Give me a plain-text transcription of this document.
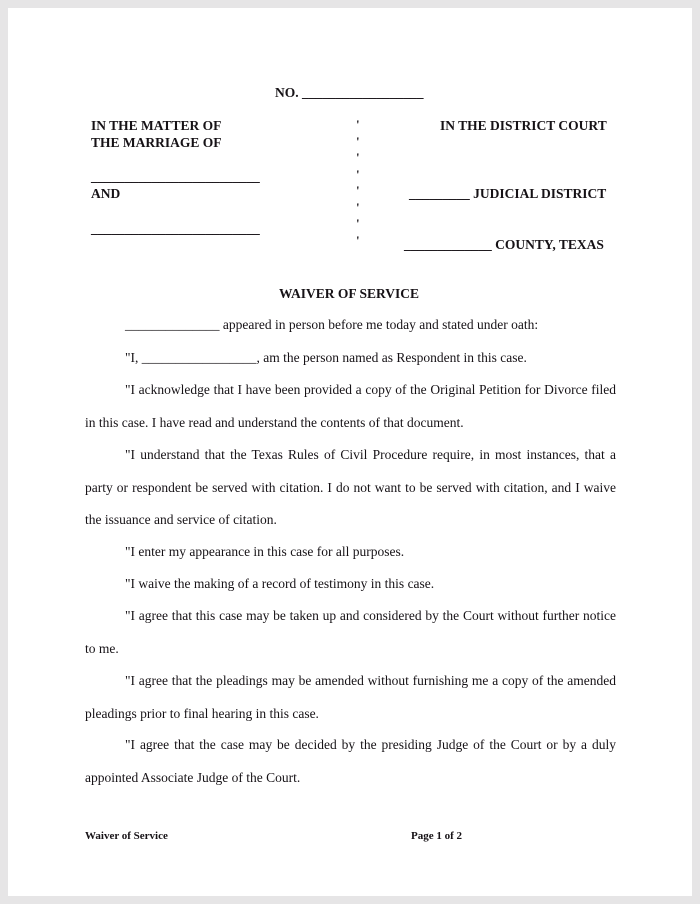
NO. __________________
IN THE MATTER OF
THE MARRIAGE OF
_________________________
AND
_________________________
'
'
'
'
'
'
'
'
IN THE DISTRICT COURT
_________ JUDICIAL DISTRICT
_____________ COUNTY, TEXAS
WAIVER OF SERVICE
______________ appeared in person before me today and stated under oath:
"I, _________________, am the person named as Respondent in this case.
"I acknowledge that I have been provided a copy of the Original Petition for Divorce filed in this case. I have read and understand the contents of that document.
"I understand that the Texas Rules of Civil Procedure require, in most instances, that a party or respondent be served with citation. I do not want to be served with citation, and I waive the issuance and service of citation.
"I enter my appearance in this case for all purposes.
"I waive the making of a record of testimony in this case.
"I agree that this case may be taken up and considered by the Court without further notice to me.
"I agree that the pleadings may be amended without furnishing me a copy of the amended pleadings prior to final hearing in this case.
"I agree that the case may be decided by the presiding Judge of the Court or by a duly appointed Associate Judge of the Court.
Waiver of Service	Page 1 of 2
